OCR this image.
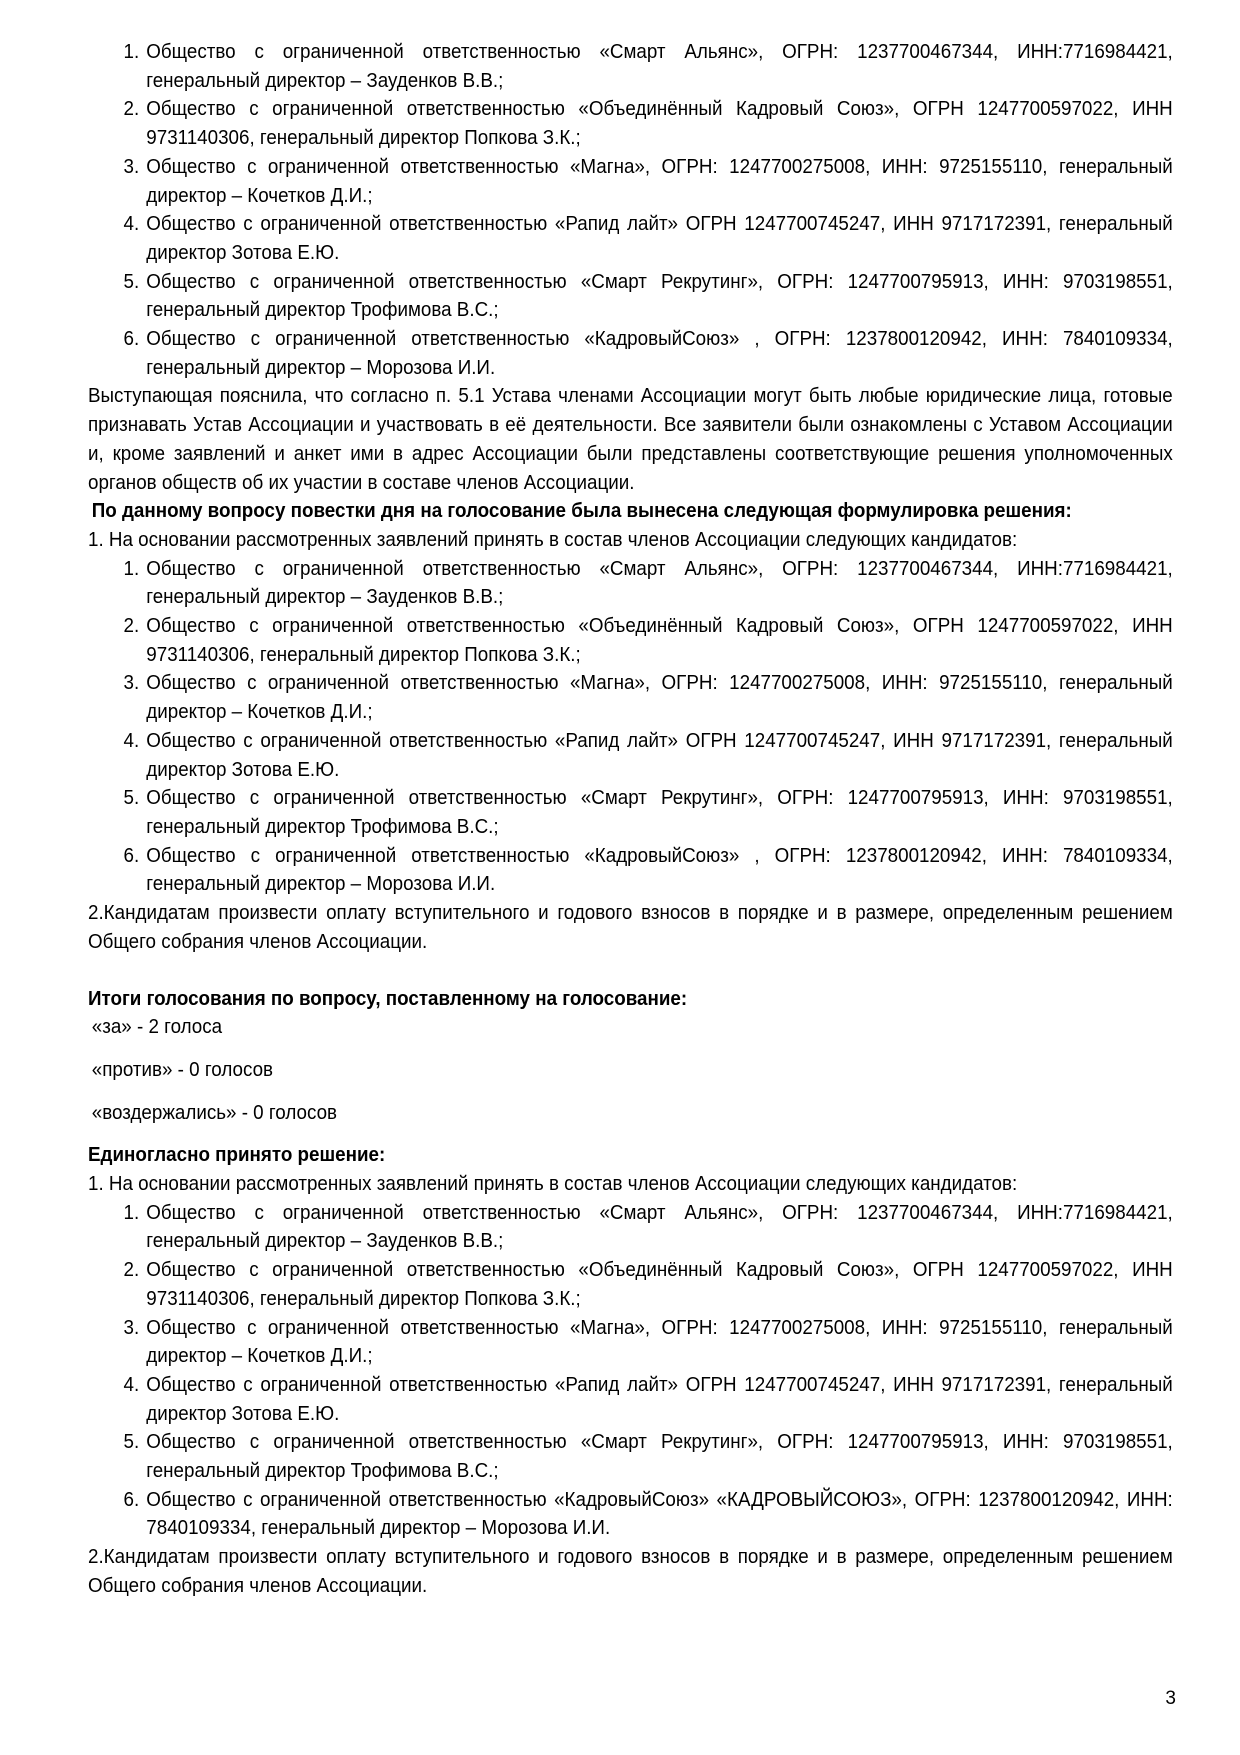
1. Общество с ограниченной ответственностью «Смарт Альянс», ОГРН: 1237700467344, ИНН:7716984421, генеральный директор – Зауденков В.В.;
2. Общество с ограниченной ответственностью «Объединённый Кадровый Союз», ОГРН 1247700597022, ИНН 9731140306, генеральный директор Попкова З.К.;
3. Общество с ограниченной ответственностью «Магна», ОГРН: 1247700275008, ИНН: 9725155110, генеральный директор – Кочетков Д.И.;
4. Общество с ограниченной ответственностью «Рапид лайт» ОГРН 1247700745247, ИНН 9717172391, генеральный директор Зотова Е.Ю.
5. Общество с ограниченной ответственностью «Смарт Рекрутинг», ОГРН: 1247700795913, ИНН: 9703198551, генеральный директор Трофимова В.С.;
6. Общество с ограниченной ответственностью «КадровыйСоюз» , ОГРН: 1237800120942, ИНН: 7840109334, генеральный директор – Морозова И.И.

Выступающая пояснила, что согласно п. 5.1 Устава членами Ассоциации могут быть любые юридические лица, готовые признавать Устав Ассоциации и участвовать в её деятельности. Все заявители были ознакомлены с Уставом Ассоциации и, кроме заявлений и анкет ими в адрес Ассоциации были представлены соответствующие решения уполномоченных органов обществ об их участии в составе членов Ассоциации.

По данному вопросу повестки дня на голосование была вынесена следующая формулировка решения:

1. На основании рассмотренных заявлений принять в состав членов Ассоциации следующих кандидатов:

1. Общество с ограниченной ответственностью «Смарт Альянс», ОГРН: 1237700467344, ИНН:7716984421, генеральный директор – Зауденков В.В.;
2. Общество с ограниченной ответственностью «Объединённый Кадровый Союз», ОГРН 1247700597022, ИНН 9731140306, генеральный директор Попкова З.К.;
3. Общество с ограниченной ответственностью «Магна», ОГРН: 1247700275008, ИНН: 9725155110, генеральный директор – Кочетков Д.И.;
4. Общество с ограниченной ответственностью «Рапид лайт» ОГРН 1247700745247, ИНН 9717172391, генеральный директор Зотова Е.Ю.
5. Общество с ограниченной ответственностью «Смарт Рекрутинг», ОГРН: 1247700795913, ИНН: 9703198551, генеральный директор Трофимова В.С.;
6. Общество с ограниченной ответственностью «КадровыйСоюз» , ОГРН: 1237800120942, ИНН: 7840109334, генеральный директор – Морозова И.И.

2.Кандидатам произвести оплату вступительного и годового взносов в порядке и в размере, определенным решением Общего собрания членов Ассоциации.

Итоги голосования по вопросу, поставленному на голосование:

«за» - 2 голоса

«против» - 0 голосов

«воздержались» - 0 голосов

Единогласно принято решение:

1. На основании рассмотренных заявлений принять в состав членов Ассоциации следующих кандидатов:

1. Общество с ограниченной ответственностью «Смарт Альянс», ОГРН: 1237700467344, ИНН:7716984421, генеральный директор – Зауденков В.В.;
2. Общество с ограниченной ответственностью «Объединённый Кадровый Союз», ОГРН 1247700597022, ИНН 9731140306, генеральный директор Попкова З.К.;
3. Общество с ограниченной ответственностью «Магна», ОГРН: 1247700275008, ИНН: 9725155110, генеральный директор – Кочетков Д.И.;
4. Общество с ограниченной ответственностью «Рапид лайт» ОГРН 1247700745247, ИНН 9717172391, генеральный директор Зотова Е.Ю.
5. Общество с ограниченной ответственностью «Смарт Рекрутинг», ОГРН: 1247700795913, ИНН: 9703198551, генеральный директор Трофимова В.С.;
6. Общество с ограниченной ответственностью «КадровыйСоюз» «КАДРОВЫЙСОЮЗ», ОГРН: 1237800120942, ИНН: 7840109334, генеральный директор – Морозова И.И.

2.Кандидатам произвести оплату вступительного и годового взносов в порядке и в размере, определенным решением Общего собрания членов Ассоциации.

3
